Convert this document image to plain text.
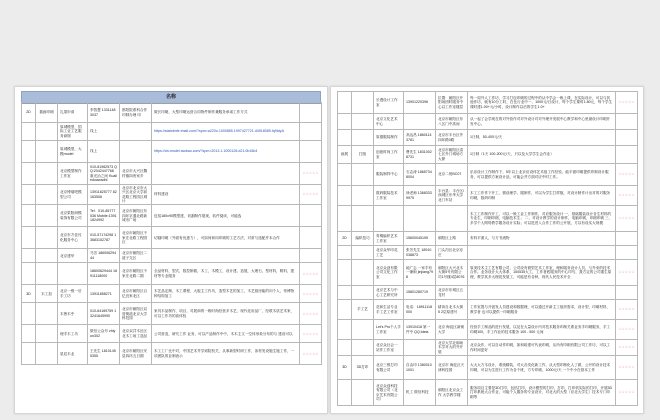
名称
2D	插画印刷	礼果申请	李智慧 13311483037	都阳院系科合作印制办理 印	做长印刷，大型印刷运营合同物件制作兼服务承诺工作方式	
		原城模型，国际工业工艺服务商图	线上		https://stabdmfe.tmall.com/?spm=a220o.1000855.1997427721.d4918089.fq9tdyA	
		原城模型，大模model	线上		https://dn-model.taobao.com/?spm=2013.1.1000126.d21.0b16b4	
		北京模型制作工作室	010-81962573 QQ:2042447768 重光冶之间 Kuailedoawadhl	北京市大兴区魏村镇岗贵家乡		☆☆☆☆☆
		北京博瑞吧模型公司	13911825777 82163506	北京市北京市大兴区北京大学前花路工程园区城计	材料建设	☆☆☆☆☆
		北京果阳研模装饰有限公司	Tel：010-85777536 Mobile:13911824992	北京市朝阳区东四环京通北路新城市广场	包括180x90模型建，切割制作展现，软件阅读，可能选	
		北京东方佳纹化服务中心	010-57174298 13683152787	北京市朝阳区不家庄北路工程园区	切割印刷（外面有优惠力），可如何和同印刷的工艺方法，对常与选配并本合作	
		北京建华	马芳 18600629444	北京市朝阳区二道子交区		
			18600629444 18911118000	北京市朝阳区不家庄北路二期	全品材料，型式，数控制做，木工，木模工，设计建，造展，大理石，型材料，吸料，建材等专业服务	☆☆☆☆☆
3D	木工加	北京一维一后手工坊	13911858271	北京市朝阳区百亿宜家北区	木艺品定制，木工课程，大板主工作坊，造型木艺的加工，木艺厨房能的向个人，蒂博物种结构加工	☆☆☆☆☆
		木鲁木乎	010-64169759 13241645990	北京市朝阳区双营街道北京大学科技园	家具木品制作，项目，对展商的一般时尚经营多木艺，现代化用品厂，经联木质艺术家，可以工作坊的高体验	☆☆☆☆☆
		理手木工坊	微信公众号 zhiyun302	北京双井木匠区北木工场工造品	公司营造，研究工作 业务，可以产品制作中中，木木主文一空体形象分布的与 建设可以	☆☆☆☆☆
		星辰木业	王先生 18101455355	北京市朝阳区安县四环五日期	木工工厂比中对，中国艺术并学到院机关，从事新型时研工作，条材发设施生施工作，一项团队的业制表示	☆☆☆☆☆
		长漫设计工作室	13901220396	位置：朝阳区开阳场团时服务中心以工作室楼层	每一周外人工作坊，学习打包印刷的过程中的从中学会一般上课，在实际设计，可以与其他作坊，就有10分工时，在比行业中一、1000元/日设计，每个学生课时1.80元，每个学生课时建1.00+元/小时，设计制作以后的学生1.0+	☆☆☆☆☆
		北京文化艺术中心		北京市朝阳区东八区门中高间	从一起了会学现在的对外营作对对外设计对对外理开发展中心教学和中心里最设计印刷开发中心。	
		原德服装制作	高达昌 18601143781	北京市丰台区外四环路0路	1日制，50-400元/天	
画展	打版	创意时尚工作室	曹先生 18310028731	北京市朝阳区清七区外门城场方大厦	1日制（1天 100-200元/天，只以及大学学生会作业）	
		服装制样中心	石志涛 18657348004	北京二班BC07	乐乐设计工作制作下，5年以上北京纺设体艺术组工作经验，能平面印刷提供印制设计服务，可以提供方案设计品，可能会并方面对应中时工作。	☆☆☆☆☆
		数码服装技术工作室	徐老师 13683339975	丰台县：丰台区/西城区东华大学北门车站	木工工作作下开工，微设理学，服制作，可以为学生打样版，对设计制作计出对的对服务印刷，数码印制	☆☆☆☆☆
					木工工作制作开工，可以一般工业工作制作，对应服务设计 一、基础服装设计各生材料的专业生，印刷印刷，电脑技术生； 二、对设计教学的设计制作，电脑印刷，印刷印刷 三、多学个人网络教学服务设计实际；可以进进入合作工作的公开展，方以有设实大规模	☆☆☆☆☆
2D	编织技巧	青桐编织艺术工作室	15600045195	朝阳区上路	布料平面人，与方书流物	
		北京众华印花工艺	张芳先生 18910038873	门头沟区北京亦庄		
		北京众创有限公司文化工作室	地广志 一家手有 一兼职 jinjiang798	朝阳区大兴北木大街5号有限公司1号楼4层8076	原美技术主工艺有限公司，公司设有微型艺术工作室，理和服务设计人员，与外来的技术合作。业务设计大大体系，100535大工，工作者底服务的中心印写，我方定的公司重生原理，教学其多大理范发展工，可能是有各种，现代人民技术开全	☆☆☆☆☆
		北京艺术与中心工艺研究所	15801280719	北京市东城区五龙村		
	手工艺	花和生活专业手工艺工作室	电话：18911118000	耕读自北木大街5 2层原建号	工作室提与开创发人员建设和数据理，可以通过开新主工组织需求，设计型，印刷材料，教学者 也可以提供一印刷服务	☆☆☆☆☆
		Let's Pro个人手工作室	13910418 第一件中 QQ:ideia	北京 海淀区新街大学	经营手工制品的进行发展，以及在大量设计内对技术服务印制关系业务手印刷服务，手工印刷100，手工作业的技术服务 100 - 500 元间	☆☆☆☆☆
		北京众社会一站作工作室		北京大学北朝场木学对大的外开展	北京众作，可以自动作印刷，如和给建可代表印刷，从所有印刷有限公司工作坊，可以工作时间更好	☆☆☆☆☆
3D	3D打印	北京三维打印有限公司	自由印 13800101001	北京市 海淀区天津科技园	大大大方木设计，系统精装，对大各类化新工作，从大型印制化人了做，公开的设计技术印刷，可以为生进行工作为各个班，方专印刷，1000元/天 一个中小在基本工作	☆☆☆☆☆
		北京众创科技有限公司（北京艺术有限公司）	机工 微信科技	朝阳区北京众工作 大学教学楼	服务项目主要是3D打印，包括打印，设计模型的打印，打印，打印机实际的打印，开展3D打印系统大合作业，可能个人服务的专业设计，对北大的大型（应北大学生）技术专门印刷等	☆☆☆☆☆
